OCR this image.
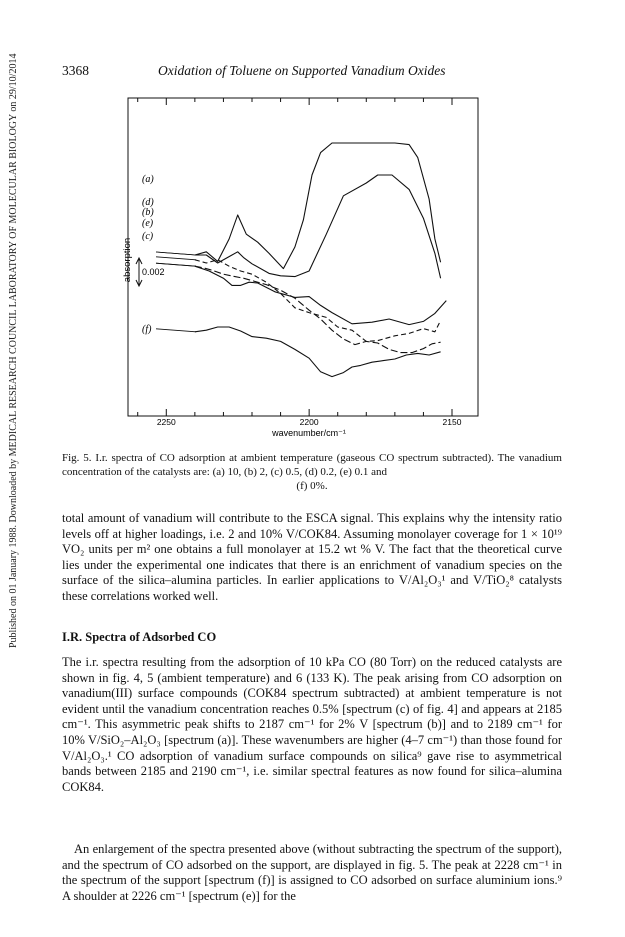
Published on 01 January 1988. Downloaded by MEDICAL RESEARCH COUNCIL LABORATORY OF MOLECULAR BIOLOGY on 29/10/2014	3368	Oxidation of Toluene on Supported Vanadium Oxides
2250	2200	2150
absorption 0.002
(a)
(d)
(b)
(e)
(c)
(f)
wavenumber/cm⁻¹
Fig. 5. I.r. spectra of CO adsorption at ambient temperature (gaseous CO spectrum subtracted). The vanadium concentration of the catalysts are: (a) 10, (b) 2, (c) 0.5, (d) 0.2, (e) 0.1 and
(f) 0%.
total amount of vanadium will contribute to the ESCA signal. This explains why the intensity ratio levels off at higher loadings, i.e. 2 and 10% V/COK84. Assuming monolayer coverage for 1 × 10¹⁹ VO₂ units per m² one obtains a full monolayer at 15.2 wt % V. The fact that the theoretical curve lies under the experimental one indicates that there is an enrichment of vanadium species on the surface of the silica–alumina particles. In earlier applications to V/Al₂O₃¹ and V/TiO₂⁸ catalysts these correlations worked well.
I.R. Spectra of Adsorbed CO
The i.r. spectra resulting from the adsorption of 10 kPa CO (80 Torr) on the reduced catalysts are shown in fig. 4, 5 (ambient temperature) and 6 (133 K). The peak arising from CO adsorption on vanadium(III) surface compounds (COK84 spectrum subtracted) at ambient temperature is not evident until the vanadium concentration reaches 0.5% [spectrum (c) of fig. 4] and appears at 2185 cm⁻¹. This asymmetric peak shifts to 2187 cm⁻¹ for 2% V [spectrum (b)] and to 2189 cm⁻¹ for 10% V/SiO₂–Al₂O₃ [spectrum (a)]. These wavenumbers are higher (4–7 cm⁻¹) than those found for V/Al₂O₃.¹ CO adsorption of vanadium surface compounds on silica⁹ gave rise to asymmetrical bands between 2185 and 2190 cm⁻¹, i.e. similar spectral features as now found for silica–alumina COK84.
An enlargement of the spectra presented above (without subtracting the spectrum of the support), and the spectrum of CO adsorbed on the support, are displayed in fig. 5. The peak at 2228 cm⁻¹ in the spectrum of the support [spectrum (f)] is assigned to CO adsorbed on surface aluminium ions.⁹ A shoulder at 2226 cm⁻¹ [spectrum (e)] for the
